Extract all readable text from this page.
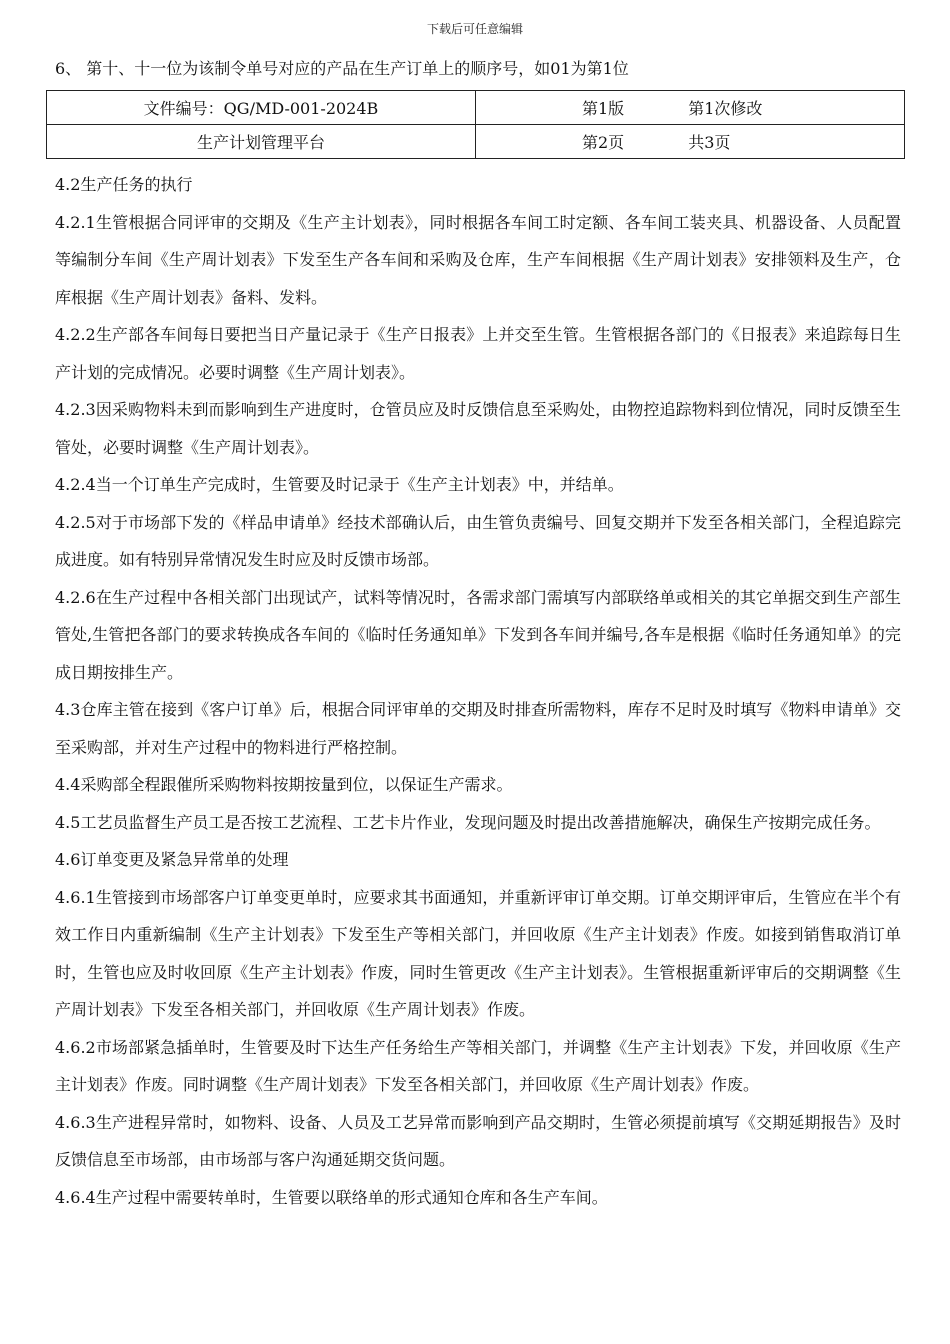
下载后可任意编辑
6、 第十、十一位为该制令单号对应的产品在生产订单上的顺序号，如01为第1位
文件编号：QG/MD-001-2024B	第1版 第1次修改
生产计划管理平台	第2页 共3页

4.2生产任务的执行

4.2.1生管根据合同评审的交期及《生产主计划表》，同时根据各车间工时定额、各车间工装夹具、机器设备、人员配置等编制分车间《生产周计划表》下发至生产各车间和采购及仓库，生产车间根据《生产周计划表》安排领料及生产，仓库根据《生产周计划表》备料、发料。

4.2.2生产部各车间每日要把当日产量记录于《生产日报表》上并交至生管。生管根据各部门的《日报表》来追踪每日生产计划的完成情况。必要时调整《生产周计划表》。

4.2.3因采购物料未到而影响到生产进度时，仓管员应及时反馈信息至采购处，由物控追踪物料到位情况，同时反馈至生管处，必要时调整《生产周计划表》。

4.2.4当一个订单生产完成时，生管要及时记录于《生产主计划表》中，并结单。

4.2.5对于市场部下发的《样品申请单》经技术部确认后，由生管负责编号、回复交期并下发至各相关部门，全程追踪完成进度。如有特别异常情况发生时应及时反馈市场部。

4.2.6在生产过程中各相关部门出现试产，试料等情况时，各需求部门需填写内部联络单或相关的其它单据交到生产部生管处,生管把各部门的要求转换成各车间的《临时任务通知单》下发到各车间并编号,各车是根据《临时任务通知单》的完成日期按排生产。

4.3仓库主管在接到《客户订单》后，根据合同评审单的交期及时排查所需物料，库存不足时及时填写《物料申请单》交至采购部，并对生产过程中的物料进行严格控制。

4.4采购部全程跟催所采购物料按期按量到位，以保证生产需求。

4.5工艺员监督生产员工是否按工艺流程、工艺卡片作业，发现问题及时提出改善措施解决，确保生产按期完成任务。

4.6订单变更及紧急异常单的处理

4.6.1生管接到市场部客户订单变更单时，应要求其书面通知，并重新评审订单交期。订单交期评审后，生管应在半个有效工作日内重新编制《生产主计划表》下发至生产等相关部门，并回收原《生产主计划表》作废。如接到销售取消订单时，生管也应及时收回原《生产主计划表》作废，同时生管更改《生产主计划表》。生管根据重新评审后的交期调整《生产周计划表》下发至各相关部门，并回收原《生产周计划表》作废。

4.6.2市场部紧急插单时，生管要及时下达生产任务给生产等相关部门，并调整《生产主计划表》下发，并回收原《生产主计划表》作废。同时调整《生产周计划表》下发至各相关部门，并回收原《生产周计划表》作废。

4.6.3生产进程异常时，如物料、设备、人员及工艺异常而影响到产品交期时，生管必须提前填写《交期延期报告》及时反馈信息至市场部，由市场部与客户沟通延期交货问题。

4.6.4生产过程中需要转单时，生管要以联络单的形式通知仓库和各生产车间。
